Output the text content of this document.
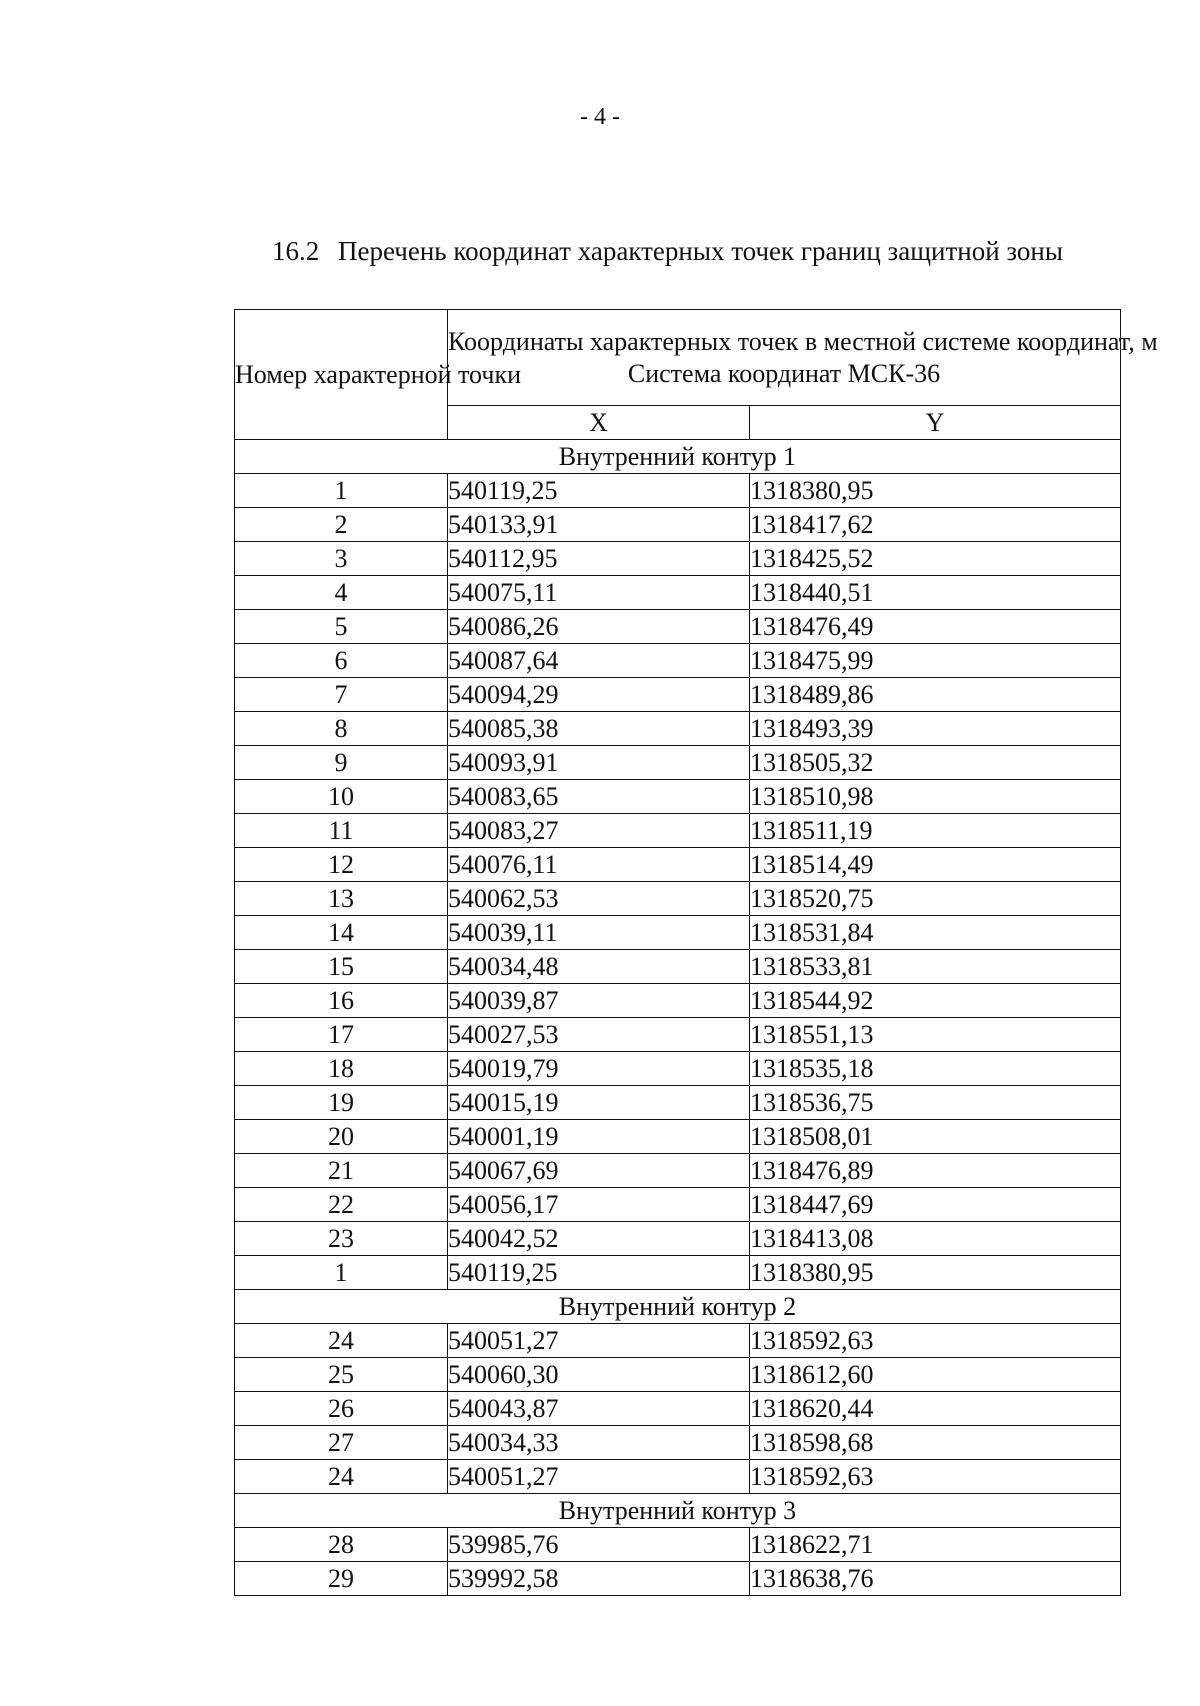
- 4 -
16.2 Перечень координат характерных точек границ защитной зоны
Номер характерной точки	Координаты характерных точек в местной системе координат, м
Система координат МСК-36	

	X	Y
Внутренний контур 1		
1	540119,25	1318380,95
2	540133,91	1318417,62
3	540112,95	1318425,52
4	540075,11	1318440,51
5	540086,26	1318476,49
6	540087,64	1318475,99
7	540094,29	1318489,86
8	540085,38	1318493,39
9	540093,91	1318505,32
10	540083,65	1318510,98
11	540083,27	1318511,19
12	540076,11	1318514,49
13	540062,53	1318520,75
14	540039,11	1318531,84
15	540034,48	1318533,81
16	540039,87	1318544,92
17	540027,53	1318551,13
18	540019,79	1318535,18
19	540015,19	1318536,75
20	540001,19	1318508,01
21	540067,69	1318476,89
22	540056,17	1318447,69
23	540042,52	1318413,08
1	540119,25	1318380,95
Внутренний контур 2		
24	540051,27	1318592,63
25	540060,30	1318612,60
26	540043,87	1318620,44
27	540034,33	1318598,68
24	540051,27	1318592,63
Внутренний контур 3		
28	539985,76	1318622,71
29	539992,58	1318638,76
